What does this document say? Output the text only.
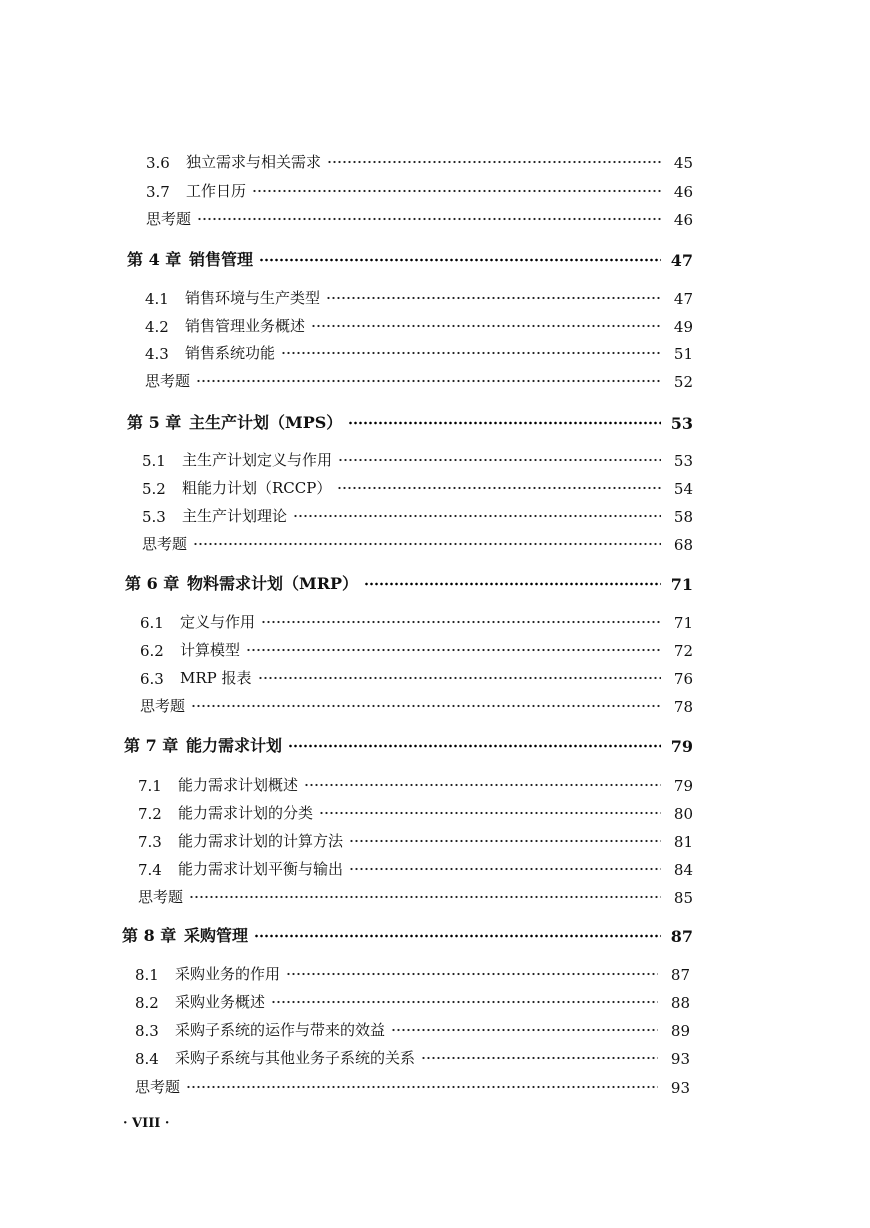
3.6	独立需求与相关需求	45
3.7	工作日历	46
思考题	46
第 4 章 销售管理	47
4.1	销售环境与生产类型	47
4.2	销售管理业务概述	49
4.3	销售系统功能	51
思考题	52
第 5 章 主生产计划（MPS）	53
5.1	主生产计划定义与作用	53
5.2	粗能力计划（RCCP）	54
5.3	主生产计划理论	58
思考题	68
第 6 章 物料需求计划（MRP）	71
6.1	定义与作用	71
6.2	计算模型	72
6.3	MRP 报表	76
思考题	78
第 7 章 能力需求计划	79
7.1	能力需求计划概述	79
7.2	能力需求计划的分类	80
7.3	能力需求计划的计算方法	81
7.4	能力需求计划平衡与输出	84
思考题	85
第 8 章 采购管理	87
8.1	采购业务的作用	87
8.2	采购业务概述	88
8.3	采购子系统的运作与带来的效益	89
8.4	采购子系统与其他业务子系统的关系	93
思考题	93
· VIII ·
